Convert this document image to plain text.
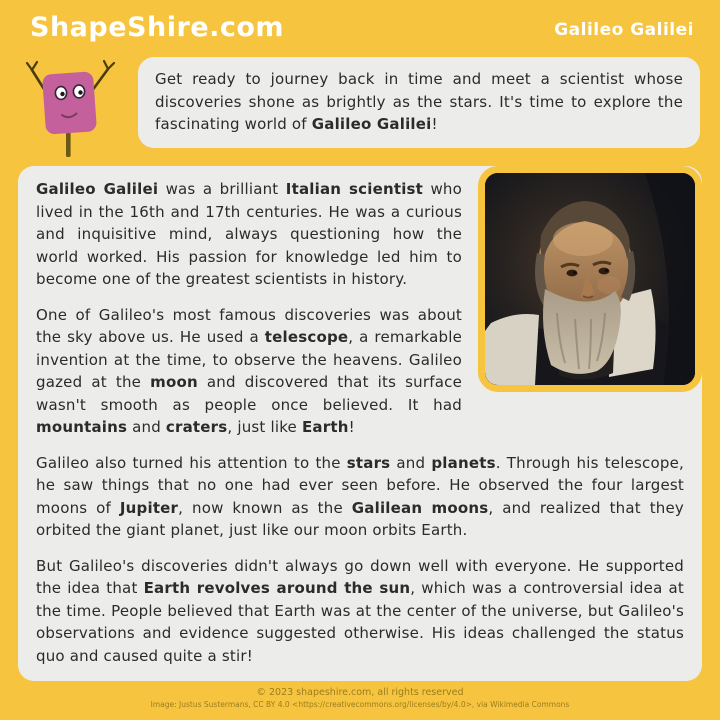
ShapeShire.com	Galileo Galilei
Get ready to journey back in time and meet a scientist whose discoveries shone as brightly as the stars. It's time to explore the fascinating world of Galileo Galilei!

Galileo Galilei was a brilliant Italian scientist who lived in the 16th and 17th centuries. He was a curious and inquisitive mind, always questioning how the world worked. His passion for knowledge led him to become one of the greatest scientists in history.

One of Galileo's most famous discoveries was about the sky above us. He used a telescope, a remarkable invention at the time, to observe the heavens. Galileo gazed at the moon and discovered that its surface wasn't smooth as people once believed. It had mountains and craters, just like Earth!

Galileo also turned his attention to the stars and planets. Through his telescope, he saw things that no one had ever seen before. He observed the four largest moons of Jupiter, now known as the Galilean moons, and realized that they orbited the giant planet, just like our moon orbits Earth.

But Galileo's discoveries didn't always go down well with everyone. He supported the idea that Earth revolves around the sun, which was a controversial idea at the time. People believed that Earth was at the center of the universe, but Galileo's observations and evidence suggested otherwise. His ideas challenged the status quo and caused quite a stir!

© 2023 shapeshire.com, all rights reserved
Image: Justus Sustermans, CC BY 4.0 <https://creativecommons.org/licenses/by/4.0>, via Wikimedia Commons
